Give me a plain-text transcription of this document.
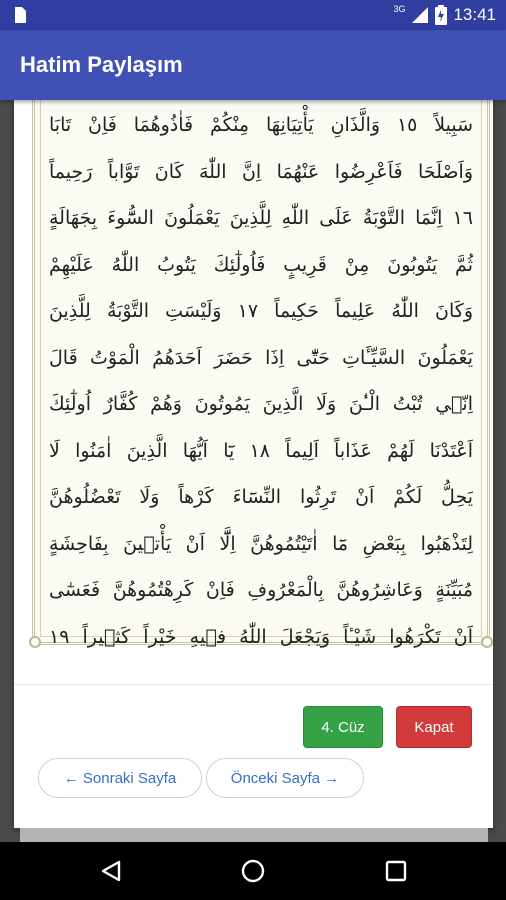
3G	13:41
Hatim Paylaşım
سَبِيلاً ١٥ وَالَّذَانِ يَأْتِيَانِهَا مِنْكُمْ فَاٰذُوهُمَا فَاِنْ تَابَا
وَاَصْلَحَا فَاَعْرِضُوا عَنْهُمَا اِنَّ اللّٰهَ كَانَ تَوَّاباً رَحِيماً
١٦ اِنَّمَا التَّوْبَةُ عَلَى اللّٰهِ لِلَّذِينَ يَعْمَلُونَ السُّٓوءَ بِجَهَالَةٍ
ثُمَّ يَتُوبُونَ مِنْ قَرِيبٍ فَاُولٰٓئِكَ يَتُوبُ اللّٰهُ عَلَيْهِمْ
وَكَانَ اللّٰهُ عَلِيماً حَكِيماً ١٧ وَلَيْسَتِ التَّوْبَةُ لِلَّذِينَ
يَعْمَلُونَ السَّيِّـَٔاتِ حَتّٰٓى اِذَا حَضَرَ اَحَدَهُمُ الْمَوْتُ قَالَ
اِنّ۪ي تُبْتُ الْـٰٔنَ وَلَا الَّذِينَ يَمُوتُونَ وَهُمْ كُفَّارٌ اُولٰٓئِكَ
اَعْتَدْنَا لَهُمْ عَذَاباً اَلِيماً ١٨ يَٓا اَيُّهَا الَّذِينَ اٰمَنُوا لَا
يَحِلُّ لَكُمْ اَنْ تَرِثُوا النِّسَٓاءَ كَرْهاً وَلَا تَعْضُلُوهُنَّ
لِتَذْهَبُوا بِبَعْضِ مَٓا اٰتَيْتُمُوهُنَّ اِلَّٓا اَنْ يَأْت۪ينَ بِفَاحِشَةٍ
مُبَيِّنَةٍ وَعَاشِرُوهُنَّ بِالْمَعْرُوفِ فَاِنْ كَرِهْتُمُوهُنَّ فَعَسٰٓى
اَنْ تَكْرَهُوا شَيْـٔاً وَيَجْعَلَ اللّٰهُ ف۪يهِ خَيْراً كَث۪يراً ١٩
4. Cüz	Kapat
← Sonraki Sayfa	Önceki Sayfa →
